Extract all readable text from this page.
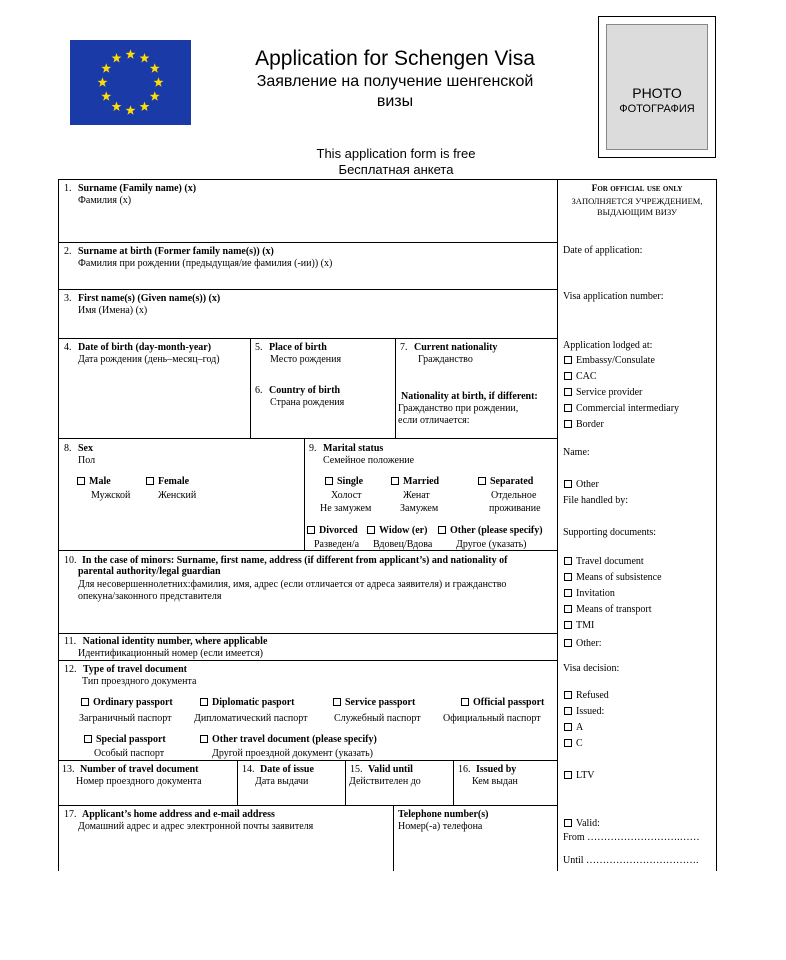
Application for Schengen Visa
Заявление на получение шенгенской визы	PHOTO
ФОТОГРАФИЯ
This application form is free
Бесплатная анкета
1. Surname (Family name) (x)
Фамилия (x)
2. Surname at birth (Former family name(s)) (x)
Фамилия при рождении (предыдущая/ие фамилия (-ии)) (x)
3. First name(s) (Given name(s)) (x)
Имя (Имена) (x)
4. Date of birth (day-month-year)
Дата рождения (день–месяц–год)
5. Place of birth
Место рождения
6. Country of birth
Страна рождения
7. Current nationality
Гражданство
Nationality at birth, if different:
Гражданство при рождении,
если отличается:
8. Sex
Пол
Male
Мужской
Female
Женский
9. Marital status
Семейное положение
Single
Холост
Не замужем
Married
Женат
Замужем
Separated
Отдельное
проживание
Divorced
Разведен/а
Widow (er)
Вдовец/Вдова
Other (please specify)
Другое (указать)
10. In the case of minors: Surname, first name, address (if different from applicant’s) and nationality of
parental authority/legal guardian
Для несовершеннолетних:фамилия, имя, адрес (если отличается от адреса заявителя) и гражданство
опекуна/законного представителя
11. National identity number, where applicable
Идентификационный номер (если имеется)
12. Type of travel document
Тип проездного документа
Ordinary passport
Заграничный паспорт
Diplomatic pasport
Дипломатический паспорт
Service passport
Служебный паспорт
Official passport
Официальный паспорт
Special passport
Особый паспорт
Other travel document (please specify)
Другой проездной документ (указать)
13. Number of travel document
Номер проездного документа
14. Date of issue
Дата выдачи
15. Valid until
Действителен до
16. Issued by
Кем выдан
17. Applicant’s home address and e-mail address
Домашний адрес и адрес электронной почты заявителя
Telephone number(s)
Номер(-а) телефона
For official use only
ЗАПОЛНЯЕТСЯ УЧРЕЖДЕНИЕМ,
ВЫДАЮЩИМ ВИЗУ
Date of application:
Visa application number:
Application lodged at:
Embassy/Consulate
CAC
Service provider
Commercial intermediary
Border
Name:
Other
File handled by:
Supporting documents:
Travel document
Means of subsistence
Invitation
Means of transport
TMI
Other:
Visa decision:
Refused
Issued:
A
C
LTV
Valid:
From ……………………….……
Until …………………………….
